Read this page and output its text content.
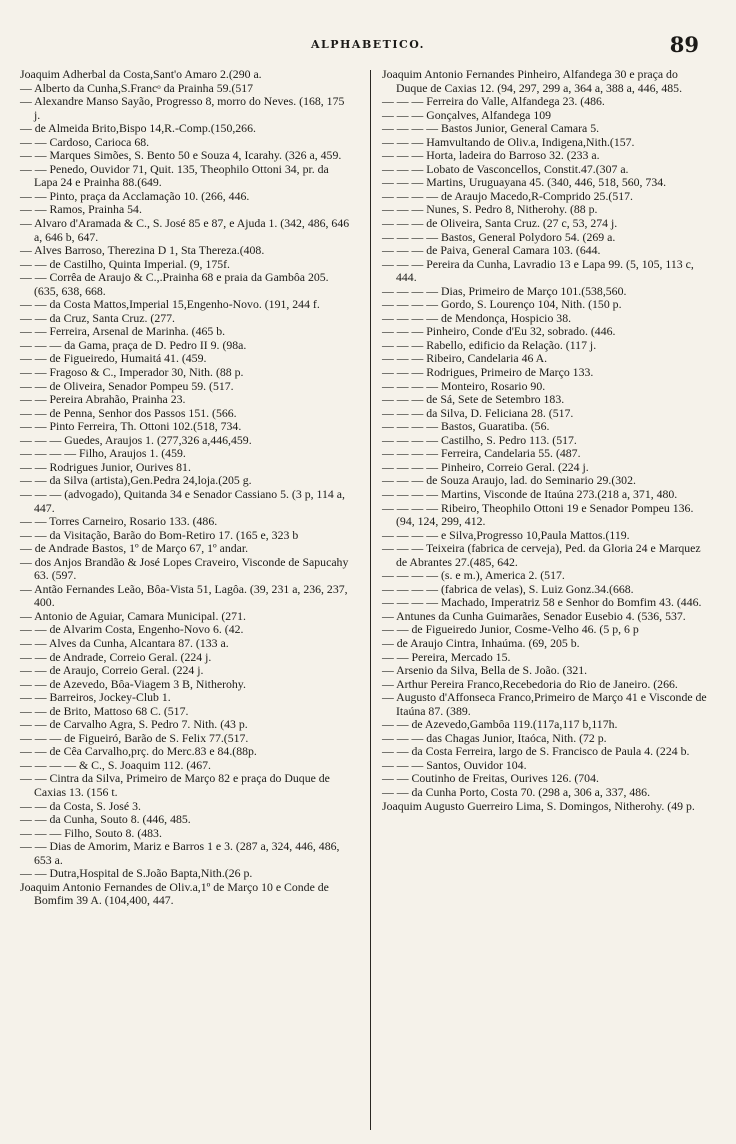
ALPHABETICO.	89
Joaquim Adherbal da Costa,Sant'o Amaro 2.(290 a.
— Alberto da Cunha,S.Francᵒ da Prainha 59.(517
— Alexandre Manso Sayão, Progresso 8, morro do Neves. (168, 175 j.
— de Almeida Brito,Bispo 14,R.-Comp.(150,266.
— — Cardoso, Carioca 68.
— — Marques Simões, S. Bento 50 e Souza 4, Icarahy. (326 a, 459.
— — Penedo, Ouvidor 71, Quit. 135, Theophilo Ottoni 34, pr. da Lapa 24 e Prainha 88.(649.
— — Pinto, praça da Acclamação 10. (266, 446.
— — Ramos, Prainha 54.
— Alvaro d'Aramada & C., S. José 85 e 87, e Ajuda 1. (342, 486, 646 a, 646 b, 647.
— Alves Barroso, Therezina D 1, Sta Thereza.(408.
— — de Castilho, Quinta Imperial. (9, 175f.
— — Corrêa de Araujo & C.,.Prainha 68 e praia da Gambôa 205. (635, 638, 668.
— — da Costa Mattos,Imperial 15,Engenho-Novo. (191, 244 f.
— — da Cruz, Santa Cruz. (277.
— — Ferreira, Arsenal de Marinha. (465 b.
— — — da Gama, praça de D. Pedro II 9. (98a.
— — de Figueiredo, Humaitá 41. (459.
— — Fragoso & C., Imperador 30, Nith. (88 p.
— — de Oliveira, Senador Pompeu 59. (517.
— — Pereira Abrahão, Prainha 23.
— — de Penna, Senhor dos Passos 151. (566.
— — Pinto Ferreira, Th. Ottoni 102.(518, 734.
— — — Guedes, Araujos 1. (277,326 a,446,459.
— — — — Filho, Araujos 1. (459.
— — Rodrigues Junior, Ourives 81.
— — da Silva (artista),Gen.Pedra 24,loja.(205 g.
— — — (advogado), Quitanda 34 e Senador Cassiano 5. (3 p, 114 a, 447.
— — Torres Carneiro, Rosario 133. (486.
— — da Visitação, Barão do Bom-Retiro 17. (165 e, 323 b
— de Andrade Bastos, 1º de Março 67, 1º andar.
— dos Anjos Brandão & José Lopes Craveiro, Visconde de Sapucahy 63. (597.
— Antão Fernandes Leão, Bôa-Vista 51, Lagôa. (39, 231 a, 236, 237, 400.
— Antonio de Aguiar, Camara Municipal. (271.
— — de Alvarim Costa, Engenho-Novo 6. (42.
— — Alves da Cunha, Alcantara 87. (133 a.
— — de Andrade, Correio Geral. (224 j.
— — de Araujo, Correio Geral. (224 j.
— — de Azevedo, Bôa-Viagem 3 B, Nitherohy.
— — Barreiros, Jockey-Club 1.
— — de Brito, Mattoso 68 C. (517.
— — de Carvalho Agra, S. Pedro 7. Nith. (43 p.
— — — de Figueiró, Barão de S. Felix 77.(517.
— — de Cêa Carvalho,prç. do Merc.83 e 84.(88p.
— — — — & C., S. Joaquim 112. (467.
— — Cintra da Silva, Primeiro de Março 82 e praça do Duque de Caxias 13. (156 t.
— — da Costa, S. José 3.
— — da Cunha, Souto 8. (446, 485.
— — — Filho, Souto 8. (483.
— — Dias de Amorim, Mariz e Barros 1 e 3. (287 a, 324, 446, 486, 653 a.
— — Dutra,Hospital de S.João Bapta,Nith.(26 p.
Joaquim Antonio Fernandes de Oliv.a,1º de Março 10 e Conde de Bomfim 39 A. (104,400, 447.
Joaquim Antonio Fernandes Pinheiro, Alfandega 30 e praça do Duque de Caxias 12. (94, 297, 299 a, 364 a, 388 a, 446, 485.
— — — Ferreira do Valle, Alfandega 23. (486.
— — — Gonçalves, Alfandega 109
— — — — Bastos Junior, General Camara 5.
— — — Hamvultando de Oliv.a, Indigena,Nith.(157.
— — — Horta, ladeira do Barroso 32. (233 a.
— — — Lobato de Vasconcellos, Constit.47.(307 a.
— — — Martins, Uruguayana 45. (340, 446, 518, 560, 734.
— — — — de Araujo Macedo,R-Comprido 25.(517.
— — — Nunes, S. Pedro 8, Nitherohy. (88 p.
— — — de Oliveira, Santa Cruz. (27 c, 53, 274 j.
— — — — Bastos, General Polydoro 54. (269 a.
— — — de Paiva, General Camara 103. (644.
— — — Pereira da Cunha, Lavradio 13 e Lapa 99. (5, 105, 113 c, 444.
— — — — Dias, Primeiro de Março 101.(538,560.
— — — — Gordo, S. Lourenço 104, Nith. (150 p.
— — — — de Mendonça, Hospicio 38.
— — — Pinheiro, Conde d'Eu 32, sobrado. (446.
— — — Rabello, edificio da Relação. (117 j.
— — — Ribeiro, Candelaria 46 A.
— — — Rodrigues, Primeiro de Março 133.
— — — — Monteiro, Rosario 90.
— — — de Sá, Sete de Setembro 183.
— — — da Silva, D. Feliciana 28. (517.
— — — — Bastos, Guaratiba. (56.
— — — — Castilho, S. Pedro 113. (517.
— — — — Ferreira, Candelaria 55. (487.
— — — — Pinheiro, Correio Geral. (224 j.
— — — de Souza Araujo, lad. do Seminario 29.(302.
— — — — Martins, Visconde de Itaúna 273.(218 a, 371, 480.
— — — — Ribeiro, Theophilo Ottoni 19 e Senador Pompeu 136. (94, 124, 299, 412.
— — — — e Silva,Progresso 10,Paula Mattos.(119.
— — — Teixeira (fabrica de cerveja), Ped. da Gloria 24 e Marquez de Abrantes 27.(485, 642.
— — — — (s. e m.), America 2. (517.
— — — — (fabrica de velas), S. Luiz Gonz.34.(668.
— — — — Machado, Imperatriz 58 e Senhor do Bomfim 43. (446.
— Antunes da Cunha Guimarães, Senador Eusebio 4. (536, 537.
— — de Figueiredo Junior, Cosme-Velho 46. (5 p, 6 p
— de Araujo Cintra, Inhaúma. (69, 205 b.
— — Pereira, Mercado 15.
— Arsenio da Silva, Bella de S. João. (321.
— Arthur Pereira Franco,Recebedoria do Rio de Janeiro. (266.
— Augusto d'Affonseca Franco,Primeiro de Março 41 e Visconde de Itaúna 87. (389.
— — de Azevedo,Gambôa 119.(117a,117 b,117h.
— — — das Chagas Junior, Itaóca, Nith. (72 p.
— — da Costa Ferreira, largo de S. Francisco de Paula 4. (224 b.
— — — Santos, Ouvidor 104.
— — Coutinho de Freitas, Ourives 126. (704.
— — da Cunha Porto, Costa 70. (298 a, 306 a, 337, 486.
Joaquim Augusto Guerreiro Lima, S. Domingos, Nitherohy. (49 p.
